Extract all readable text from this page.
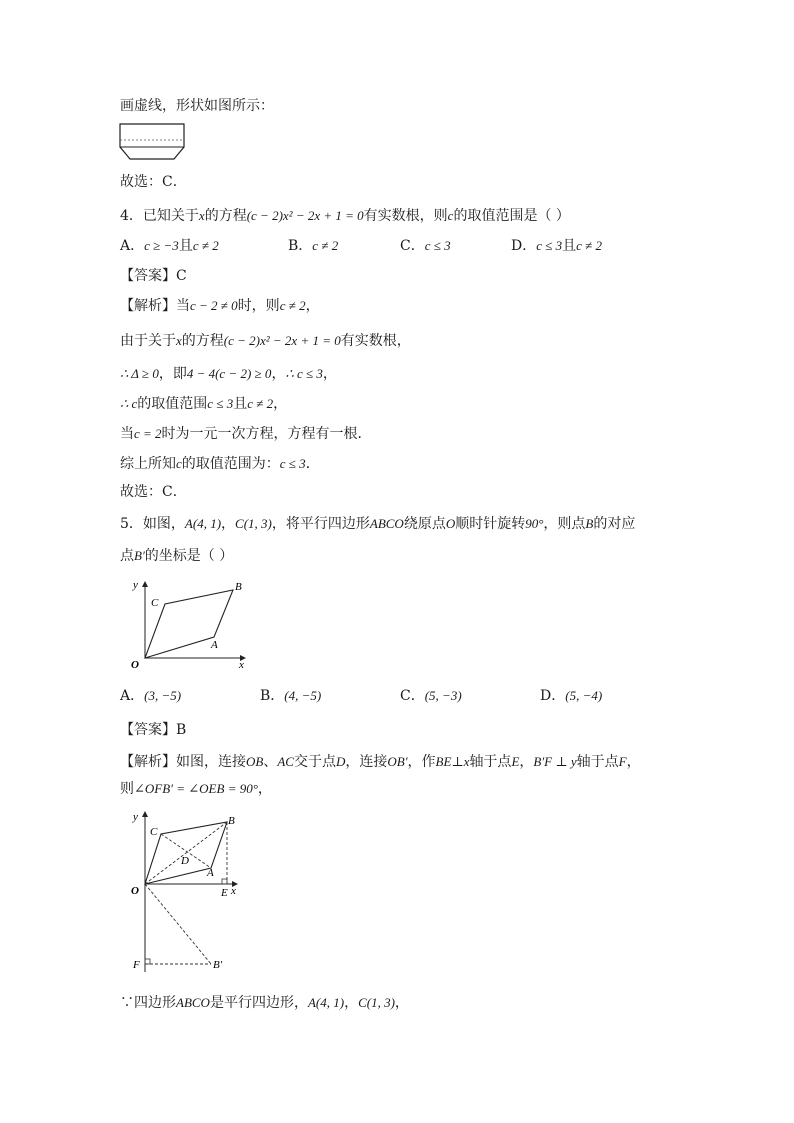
画虚线，形状如图所示：
故选：C．
4．已知关于x的方程(c − 2)x² − 2x + 1 = 0有实数根，则c的取值范围是（ ）
A．c ≥ −3且c ≠ 2	B．c ≠ 2	C．c ≤ 3	D．c ≤ 3且c ≠ 2
【答案】C
【解析】当c − 2 ≠ 0时，则c ≠ 2，
由于关于x的方程(c − 2)x² − 2x + 1 = 0有实数根，
∴ Δ ≥ 0，即4 − 4(c − 2) ≥ 0，∴ c ≤ 3，
∴ c的取值范围c ≤ 3且c ≠ 2，
当c = 2时为一元一次方程，方程有一根．
综上所知c的取值范围为：c ≤ 3．
故选：C．
5．如图，A(4, 1)，C(1, 3)，将平行四边形ABCO绕原点O顺时针旋转90°，则点B的对应
点B′的坐标是（ ）
y
x
O
A
B
C
A．(3, −5)	B．(4, −5)	C．(5, −3)	D．(5, −4)
【答案】B
【解析】如图，连接OB、AC交于点D，连接OB′，作BE⊥x轴于点E，B′F ⊥ y轴于点F，
则∠OFB′ = ∠OEB = 90°，
y
x
O
A
B
C
D
E
F	B′
∵四边形ABCO是平行四边形，A(4, 1)，C(1, 3)，
